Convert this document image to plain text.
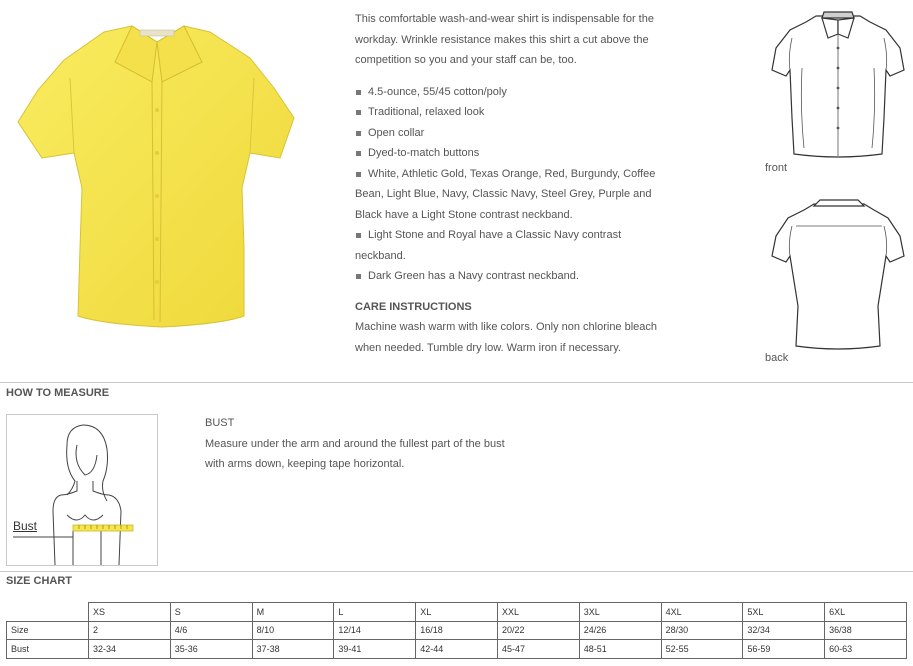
This comfortable wash-and-wear shirt is indispensable for the workday. Wrinkle resistance makes this shirt a cut above the competition so you and your staff can be, too.

4.5-ounce, 55/45 cotton/poly
Traditional, relaxed look
Open collar
Dyed-to-match buttons
White, Athletic Gold, Texas Orange, Red, Burgundy, Coffee Bean, Light Blue, Navy, Classic Navy, Steel Grey, Purple and Black have a Light Stone contrast neckband.
Light Stone and Royal have a Classic Navy contrast neckband.
Dark Green has a Navy contrast neckband.
CARE INSTRUCTIONS

Machine wash warm with like colors. Only non chlorine bleach when needed. Tumble dry low. Warm iron if necessary.

front
back
HOW TO MEASURE
Bust
BUST
Measure under the arm and around the fullest part of the bust
with arms down, keeping tape horizontal.
SIZE CHART
	XS	S	M	L	XL	XXL	3XL	4XL	5XL	6XL
Size	2	4/6	8/10	12/14	16/18	20/22	24/26	28/30	32/34	36/38
Bust	32-34	35-36	37-38	39-41	42-44	45-47	48-51	52-55	56-59	60-63
